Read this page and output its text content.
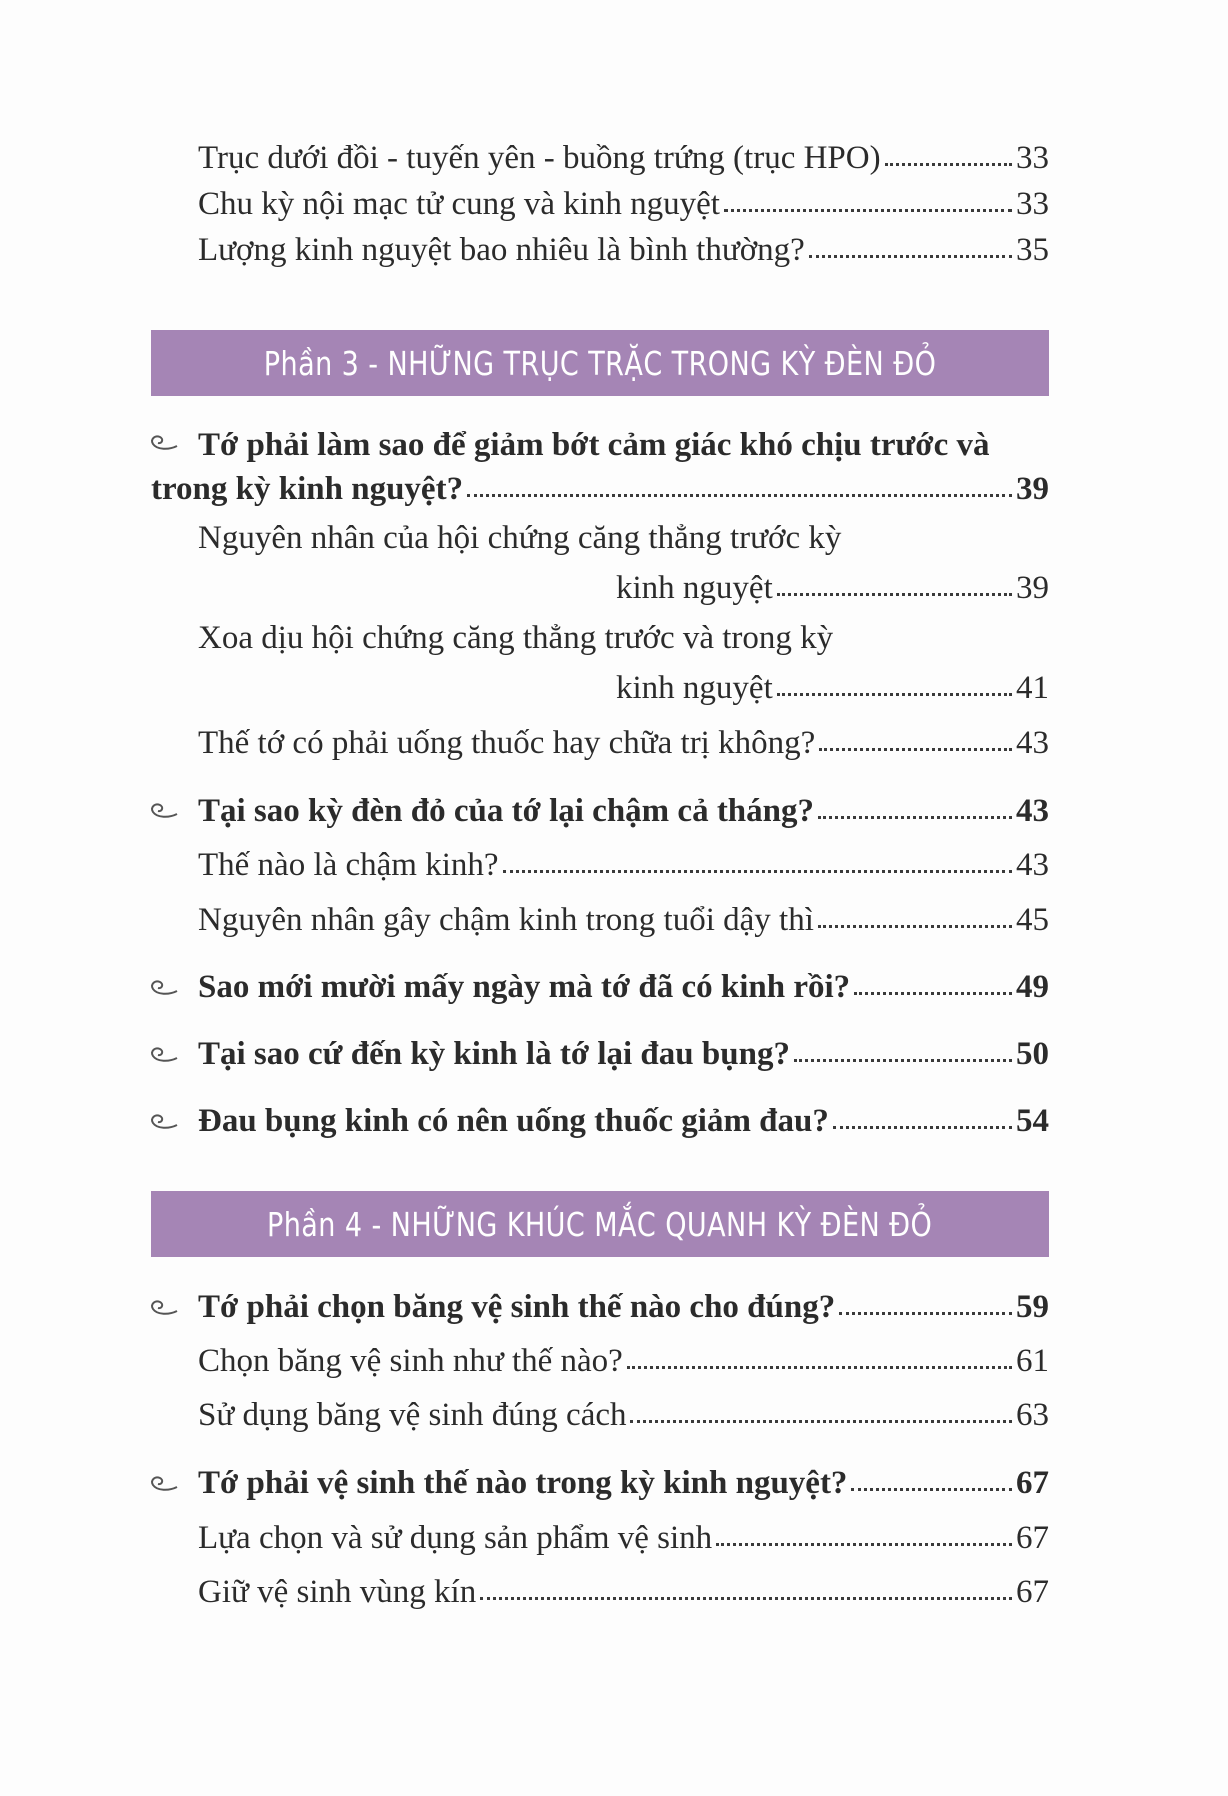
Trục dưới đồi - tuyến yên - buồng trứng (trục HPO)	33
Chu kỳ nội mạc tử cung và kinh nguyệt	33
Lượng kinh nguyệt bao nhiêu là bình thường?	35
Phần 3 - NHỮNG TRỤC TRẶC TRONG KỲ ĐÈN ĐỎ
Tớ phải làm sao để giảm bớt cảm giác khó chịu trước và
trong kỳ kinh nguyệt?	39
Nguyên nhân của hội chứng căng thẳng trước kỳ
kinh nguyệt	39
Xoa dịu hội chứng căng thẳng trước và trong kỳ
kinh nguyệt	41
Thế tớ có phải uống thuốc hay chữa trị không?	43
Tại sao kỳ đèn đỏ của tớ lại chậm cả tháng?	43
Thế nào là chậm kinh?	43
Nguyên nhân gây chậm kinh trong tuổi dậy thì	45
Sao mới mười mấy ngày mà tớ đã có kinh rồi?	49
Tại sao cứ đến kỳ kinh là tớ lại đau bụng?	50
Đau bụng kinh có nên uống thuốc giảm đau?	54
Phần 4 - NHỮNG KHÚC MẮC QUANH KỲ ĐÈN ĐỎ
Tớ phải chọn băng vệ sinh thế nào cho đúng?	59
Chọn băng vệ sinh như thế nào?	61
Sử dụng băng vệ sinh đúng cách	63
Tớ phải vệ sinh thế nào trong kỳ kinh nguyệt?	67
Lựa chọn và sử dụng sản phẩm vệ sinh	67
Giữ vệ sinh vùng kín	67
